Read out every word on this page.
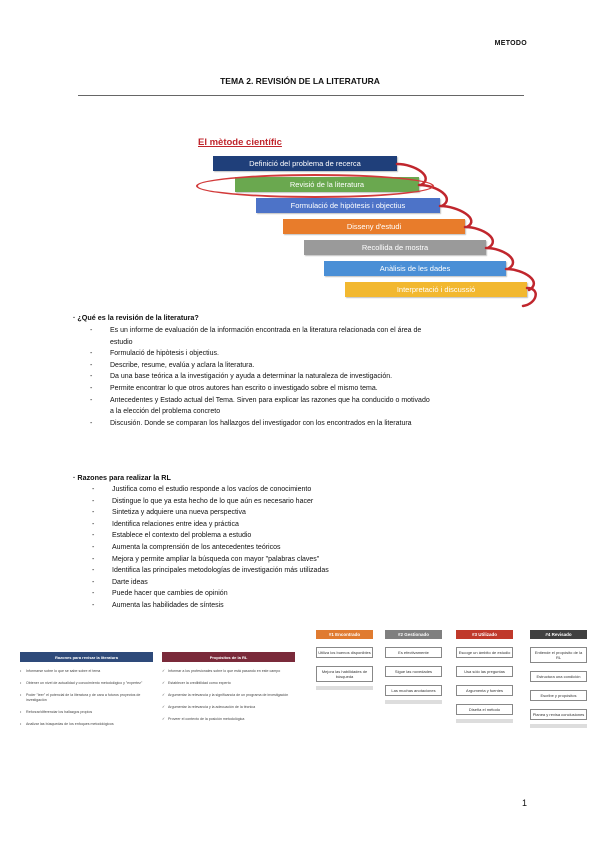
METODO
TEMA 2. REVISIÓN DE LA LITERATURA
El mètode científic
Definició del problema de recerca
Revisió de la literatura
Formulació de hipòtesis i objectius
Disseny d'estudi
Recollida de mostra
Anàlisis de les dades
Interpretació i discussió
· ¿Qué es la revisión de la literatura?
-	Es un informe de evaluación de la información encontrada en la literatura relacionada con el área de
estudio
-	Formulació de hipòtesis i objectius.
-	Describe, resume, evalúa y aclara la literatura.
-	Da una base teórica a la investigación y ayuda a determinar la naturaleza de investigación.
-	Permite encontrar lo que otros autores han escrito o investigado sobre el mismo tema.
-	Antecedentes y Estado actual del Tema. Sirven para explicar las razones que ha conducido o motivado
a la elección del problema concreto
-	Discusión. Donde se comparan los hallazgos del investigador con los encontrados en la literatura
· Razones para realizar la RL
-	Justifica como el estudio responde a los vacíos de conocimiento
-	Distingue lo que ya esta hecho de lo que aún es necesario hacer
-	Sintetiza y adquiere una nueva perspectiva
-	Identifica relaciones entre idea y práctica
-	Establece el contexto del problema a estudio
-	Aumenta la comprensión de los antecedentes teóricos
-	Mejora y permite ampliar la búsqueda con mayor "palabras claves"
-	Identifica las principales metodologías de investigación más utilizadas
-	Darte ideas
-	Puede hacer que cambies de opinión
-	Aumenta las habilidades de síntesis
Razones para revisar la literatura
• Informarse sobre lo que se sabe sobre el tema
• Obtener un nivel de actualidad y conocimiento metodológico y "expertez"
• Poder "leer" el potencial de la literatura y de cara a futuros proyectos de investigación
• Reforzar/diferenciar los hallazgos propios
• Analizar las búsquedas de los enfoques metodológicos
Propósitos de la RL
✓ Informar a los profesionales sobre lo que está pasando en este campo
✓ Establecer la credibilidad como experto
✓ Argumentar la relevancia y la significancia de un programa de investigación
✓ Argumentar la relevancia y la adecuación de la técnica
✓ Proveer el contexto de la posición metodológica
#1 Encontrado
Utiliza los buenos disponibles
Mejora las habilidades de búsqueda
#2 Gestionado
Es efectivamente
Sigue las novedades
Las muchas anotaciones
#3 Utilizado
Escoge un ámbito de estudio
Usa sólo las preguntas
Argumenta y fuentes
Diseña el método
#4 Revisado
Entiende el propósito de la RL
Estructura una condición
Escribe y propósitos
Planea y revisa conclusiones
1
